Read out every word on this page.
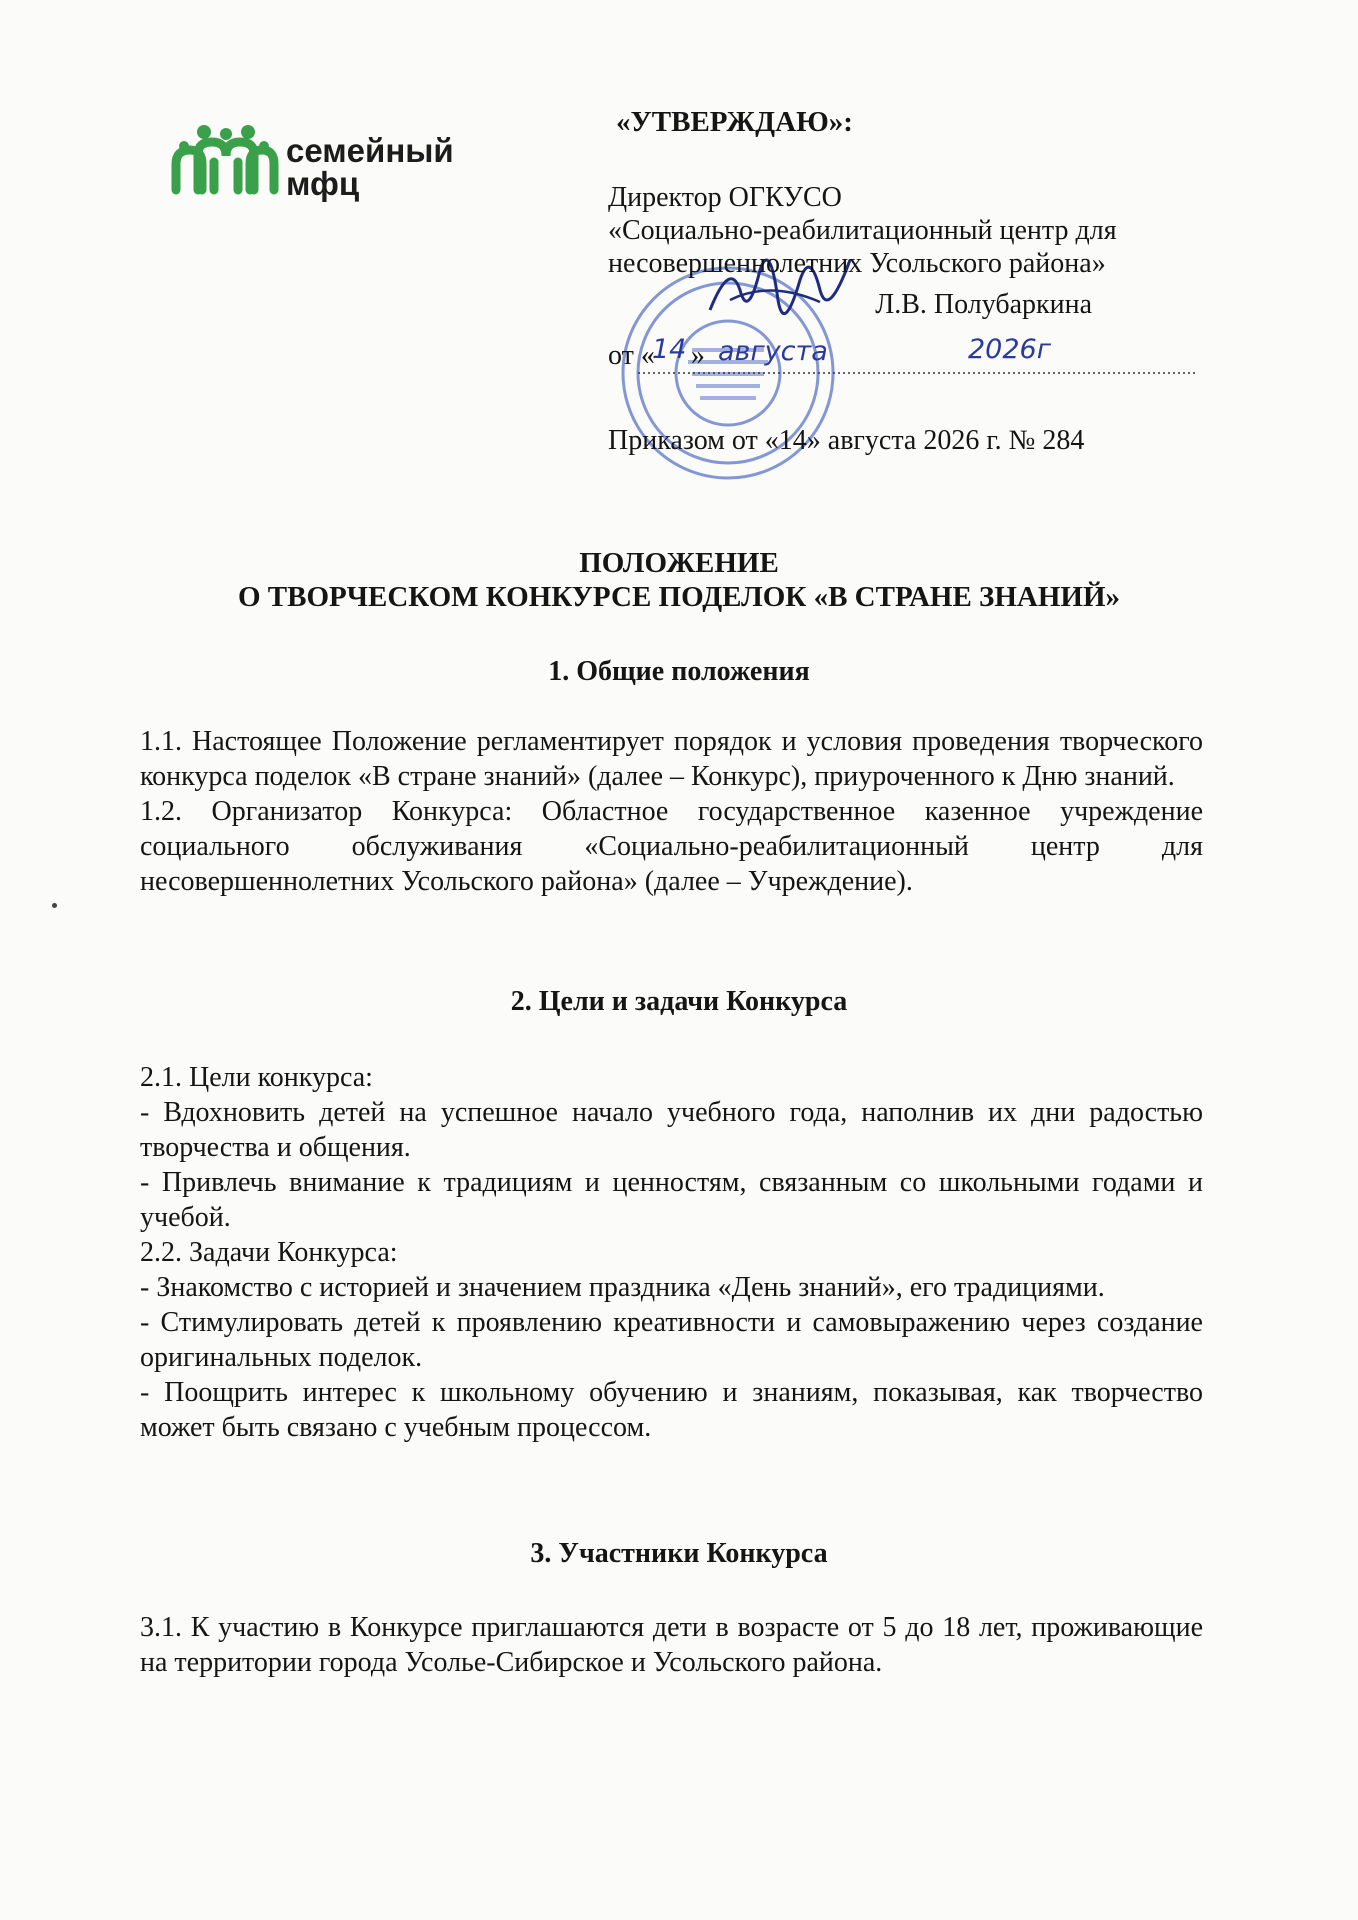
семейный
мфц
«УТВЕРЖДАЮ»:
Директор ОГКУСО
«Социально-реабилитационный центр для
несовершеннолетних Усольского района»
Л.В. Полубаркина
от «
14 » августа	2026г
Приказом от «14» августа 2026 г. № 284
ПОЛОЖЕНИЕ
О ТВОРЧЕСКОМ КОНКУРСЕ ПОДЕЛОК «В СТРАНЕ ЗНАНИЙ»
1. Общие положения

1.1. Настоящее Положение регламентирует порядок и условия проведения творческого конкурса поделок «В стране знаний» (далее – Конкурс), приуроченного к Дню знаний.

1.2. Организатор Конкурса: Областное государственное казенное учреждение социального обслуживания «Социально-реабилитационный центр для несовершеннолетних Усольского района» (далее – Учреждение).

2. Цели и задачи Конкурса

2.1. Цели конкурса:

- Вдохновить детей на успешное начало учебного года, наполнив их дни радостью творчества и общения.

- Привлечь внимание к традициям и ценностям, связанным со школьными годами и учебой.

2.2. Задачи Конкурса:

- Знакомство с историей и значением праздника «День знаний», его традициями.

- Стимулировать детей к проявлению креативности и самовыражению через создание оригинальных поделок.

- Поощрить интерес к школьному обучению и знаниям, показывая, как творчество может быть связано с учебным процессом.

3. Участники Конкурса

3.1. К участию в Конкурсе приглашаются дети в возрасте от 5 до 18 лет, проживающие на территории города Усолье-Сибирское и Усольского района.
